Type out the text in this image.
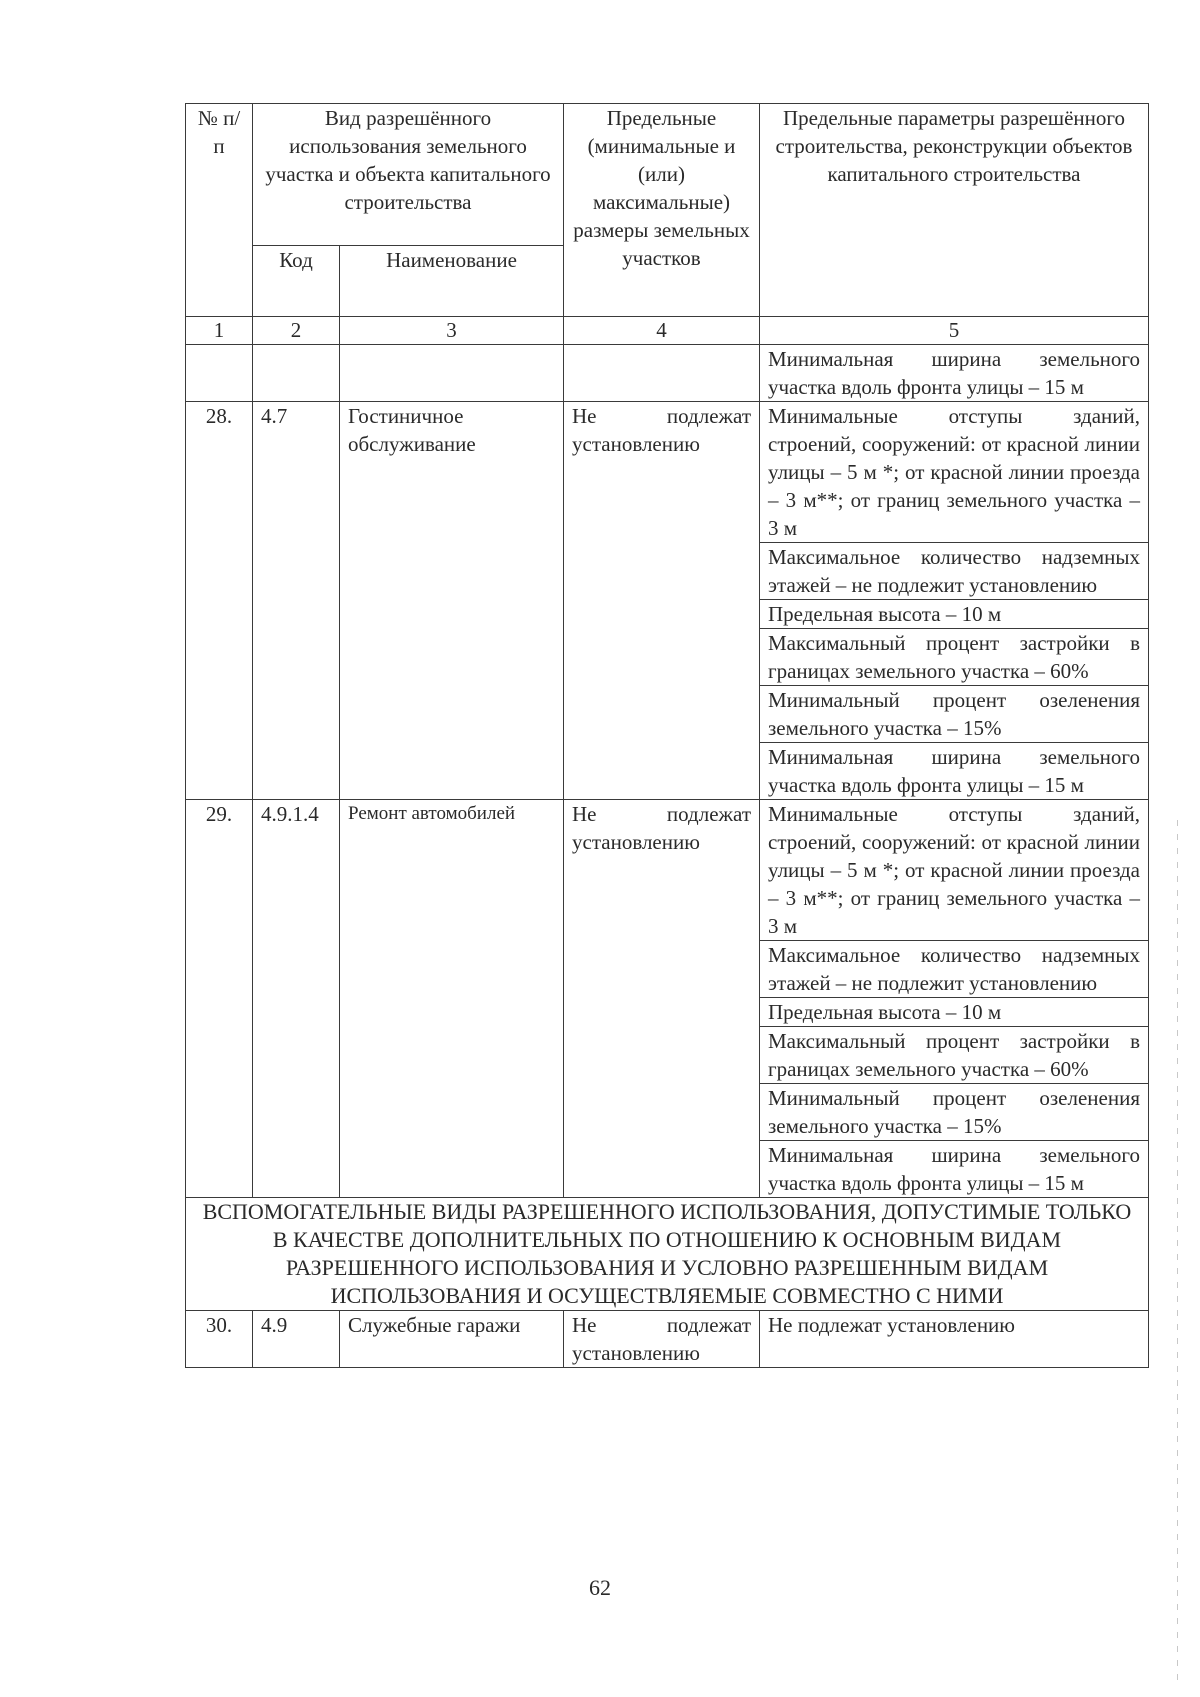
№ п/п	Вид разрешённого использования земельного участка и объекта капитального строительства		Предельные (минимальные и (или) максимальные) размеры земельных участков	Предельные параметры разрешённого строительства, реконструкции объектов капитального строительства
	Код	Наименование		
1	2	3	4	5
				Минимальная ширина земельного участка вдоль фронта улицы – 15 м
28.	4.7	Гостиничное обслуживание	Не подлежат установлению	Минимальные отступы зданий, строений, сооружений: от красной линии улицы – 5 м *; от красной линии проезда – 3 м**; от границ земельного участка – 3 м
				Максимальное количество надземных этажей – не подлежит установлению
				Предельная высота – 10 м
				Максимальный процент застройки в границах земельного участка – 60%
				Минимальный процент озеленения земельного участка – 15%
				Минимальная ширина земельного участка вдоль фронта улицы – 15 м
29.	4.9.1.4	Ремонт автомобилей	Не подлежат установлению	Минимальные отступы зданий, строений, сооружений: от красной линии улицы – 5 м *; от красной линии проезда – 3 м**; от границ земельного участка – 3 м
				Максимальное количество надземных этажей – не подлежит установлению
				Предельная высота – 10 м
				Максимальный процент застройки в границах земельного участка – 60%
				Минимальный процент озеленения земельного участка – 15%
				Минимальная ширина земельного участка вдоль фронта улицы – 15 м
ВСПОМОГАТЕЛЬНЫЕ ВИДЫ РАЗРЕШЕННОГО ИСПОЛЬЗОВАНИЯ, ДОПУСТИМЫЕ ТОЛЬКО В КАЧЕСТВЕ ДОПОЛНИТЕЛЬНЫХ ПО ОТНОШЕНИЮ К ОСНОВНЫМ ВИДАМ РАЗРЕШЕННОГО ИСПОЛЬЗОВАНИЯ И УСЛОВНО РАЗРЕШЕННЫМ ВИДАМ ИСПОЛЬЗОВАНИЯ И ОСУЩЕСТВЛЯЕМЫЕ СОВМЕСТНО С НИМИ				
30.	4.9	Служебные гаражи	Не подлежат установлению	Не подлежат установлению
62
